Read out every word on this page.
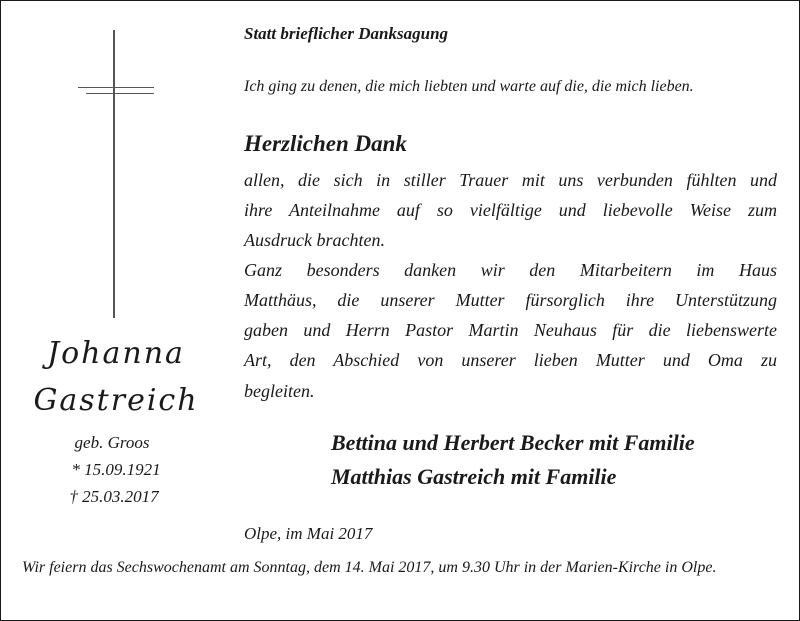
Johanna
Gastreich
geb. Groos
* 15.09.1921
† 25.03.2017
Statt brieflicher Danksagung
Ich ging zu denen, die mich liebten und warte auf die, die mich lieben.
Herzlichen Dank
allen, die sich in stiller Trauer mit uns verbunden fühlten und
ihre Anteilnahme auf so vielfältige und liebevolle Weise zum
Ausdruck brachten.
Ganz besonders danken wir den Mitarbeitern im Haus
Matthäus, die unserer Mutter fürsorglich ihre Unterstützung
gaben und Herrn Pastor Martin Neuhaus für die liebenswerte
Art, den Abschied von unserer lieben Mutter und Oma zu
begleiten.
Bettina und Herbert Becker mit Familie
Matthias Gastreich mit Familie
Olpe, im Mai 2017
Wir feiern das Sechswochenamt am Sonntag, dem 14. Mai 2017, um 9.30 Uhr in der Marien-Kirche in Olpe.
